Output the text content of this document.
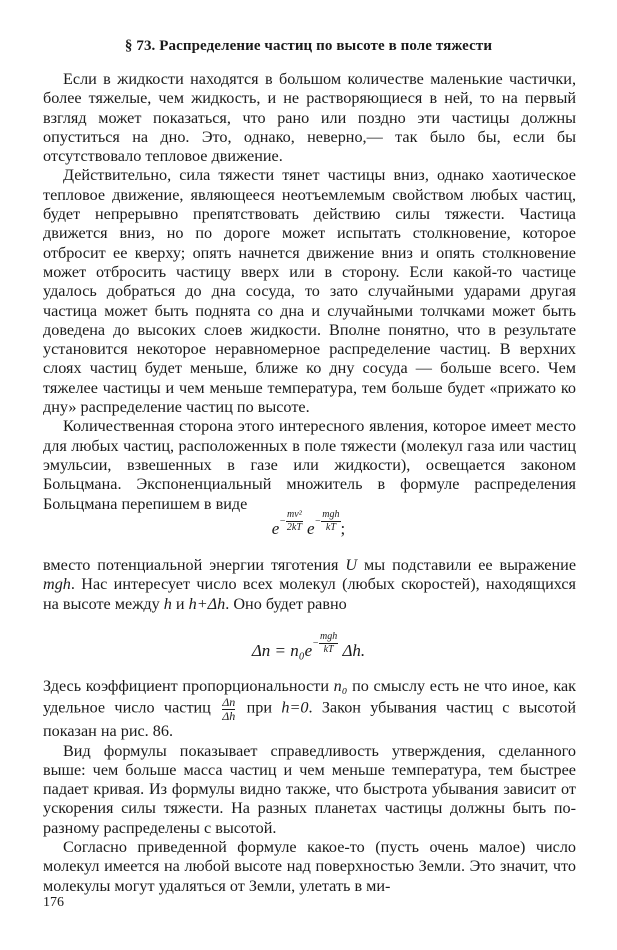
§ 73. Распределение частиц по высоте в поле тяжести

Если в жидкости находятся в большом количестве маленькие частички, более тяжелые, чем жидкость, и не растворяющиеся в ней, то на первый взгляд может показаться, что рано или поздно эти частицы должны опуститься на дно. Это, однако, неверно,— так было бы, если бы отсутствовало тепловое движение.

Действительно, сила тяжести тянет частицы вниз, однако хаотическое тепловое движение, являющееся неотъемлемым свойством любых частиц, будет непрерывно препятствовать действию силы тяжести. Частица движется вниз, но по дороге может испытать столкновение, которое отбросит ее кверху; опять начнется движение вниз и опять столкновение может отбросить частицу вверх или в сторону. Если какой-то частице удалось добраться до дна сосуда, то зато случайными ударами другая частица может быть поднята со дна и случайными толчками может быть доведена до высоких слоев жидкости. Вполне понятно, что в результате установится некоторое неравномерное распределение частиц. В верхних слоях частиц будет меньше, ближе ко дну сосуда — больше всего. Чем тяжелее частицы и чем меньше температура, тем больше будет «прижато ко дну» распределение частиц по высоте.

Количественная сторона этого интересного явления, которое имеет место для любых частиц, расположенных в поле тяжести (молекул газа или частиц эмульсии, взвешенных в газе или жидкости), освещается законом Больцмана. Экспоненциальный множитель в формуле распределения Больцмана перепишем в виде

$e^{- \frac{\text{mv²}}{2kT}}$ $e^{- \frac{\text{mgh}}{kT}}$ ;

вместо потенциальной энергии тяготения U мы подставили ее выражение mgh. Нас интересует число всех молекул (любых скоростей), находящихся на высоте между h и h+Δh. Оно будет равно

$\Delta n = n_0e^{- \frac{\text{mgh}}{kT}}$ Δh.

Здесь коэффициент пропорциональности n₀ по смыслу есть не что иное, как удельное число частиц $\frac{\Delta n}{\Delta h}$ при h=0. Закон убывания частиц с высотой показан на рис. 86.

Вид формулы показывает справедливость утверждения, сделанного выше: чем больше масса частиц и чем меньше температура, тем быстрее падает кривая. Из формулы видно также, что быстрота убывания зависит от ускорения силы тяжести. На разных планетах частицы должны быть по-разному распределены с высотой.

Согласно приведенной формуле какое-то (пусть очень малое) число молекул имеется на любой высоте над поверхностью Земли. Это значит, что молекулы могут удаляться от Земли, улетать в ми-

176
